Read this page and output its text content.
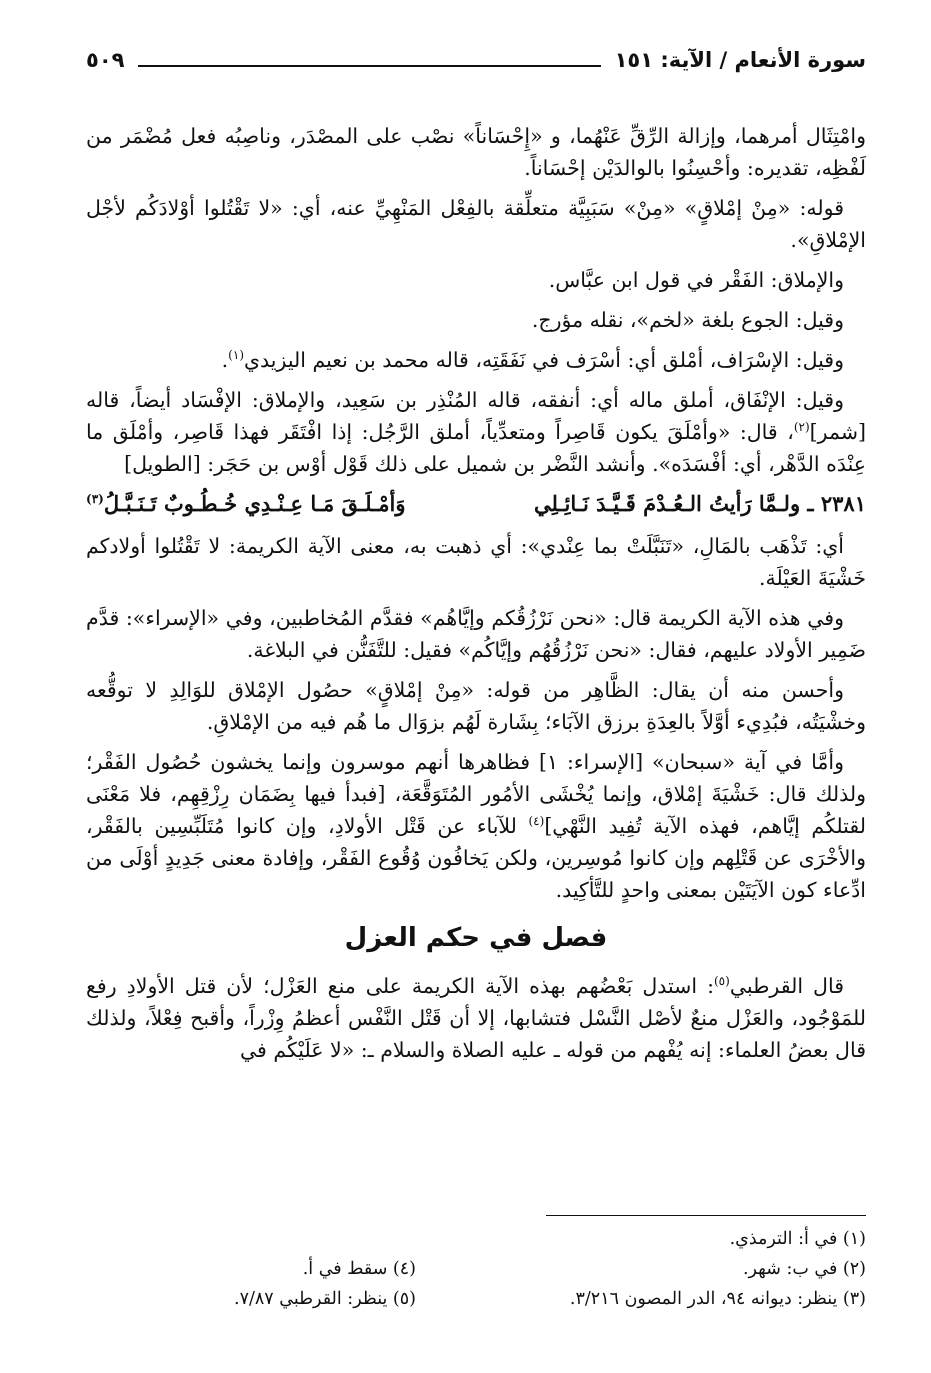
سورة الأنعام / الآية: ١٥١
٥٠٩

وامْتِثَال أمرهما، وإزالة الرِّقِّ عَنْهُما، و «إِحْسَاناً» نصْب على المصْدَر، وناصِبُه فعل مُضْمَر من لَفْظِه، تقديره: وأحْسِنُوا بالوالدَيْن إحْسَاناً.

قوله: «مِنْ إمْلاقٍ» «مِنْ» سَبَبِيَّة متعلِّقة بالفِعْل المَنْهِيِّ عنه، أي: «لا تَقْتُلوا أوْلادَكُم لأجْل الإمْلاقِ».

والإملاق: الفَقْر في قول ابن عبَّاس.

وقيل: الجوع بلغة «لخم»، نقله مؤرج.

وقيل: الإسْرَاف، أمْلق أي: أسْرَف في نَفَقَتِه، قاله محمد بن نعيم اليزيدي$^{(١)}$.

وقيل: الإنْفَاق، أملق ماله أي: أنفقه، قاله المُنْذِر بن سَعِيد، والإملاق: الإفْسَاد أيضاً، قاله [شمر]$^{(٢)}$، قال: «وأمْلَقَ يكون قَاصِراً ومتعدِّياً، أملق الرَّجُل: إذا افْتَقَر فهذا قَاصِر، وأمْلَق ما عِنْدَه الدَّهْر، أي: أفْسَدَه». وأنشد النَّضْر بن شميل على ذلك قَوْل أوْس بن حَجَر: [الطويل]

٢٣٨١ ـ ولـمَّا رَأيتُ الـعُـدْمَ قَـيَّـدَ نَـائِـلِي
وَأمْـلَـقَ مَـا عِـنْـدِي خُـطُـوبٌ تَـنَـبَّـلُ$^{(٣)}$

أي: تَذْهَب بالمَالِ، «تَنَبَّلَتْ بما عِنْدي»: أي ذهبت به، معنى الآية الكريمة: لا تَقْتُلوا أولادكم خَشْيَةَ العَيْلَة.

وفي هذه الآية الكريمة قال: «نحن نَرْزُقُكم وإيَّاهُم» فقدَّم المُخاطبين، وفي «الإسراء»: قدَّم ضَمِير الأولاد عليهم، فقال: «نحن نَرْزُقُهُم وإيَّاكُم» فقيل: للتَّفَنُّن في البلاغة.

وأحسن منه أن يقال: الظَّاهِر من قوله: «مِنْ إمْلاقٍ» حصُول الإمْلاق للوَالِدِ لا توقُّعه وخشْيَتُه، فبُدِيء أوَّلاً بالعِدَةِ برزق الآبَاء؛ بِشَارة لَهُم بزوَال ما هُم فيه من الإمْلاقِ.

وأمَّا في آية «سبحان» [الإسراء: ١] فظاهرها أنهم موسرون وإنما يخشون حُصُول الفَقْر؛ ولذلك قال: خَشْيَةَ إمْلاق، وإنما يُخْشَى الأمُور المُتَوَقَّعَة، [فبدأ فيها بِضَمَان رِزْقِهِم، فلا مَعْنَى لقتلكُم إيَّاهم، فهذه الآية تُفِيد النَّهْي]$^{(٤)}$ للآباء عن قَتْل الأولادِ، وإن كانوا مُتَلَبِّسِين بالفَقْر، والأخْرَى عن قَتْلِهم وإن كانوا مُوسِرين، ولكن يَخافُون وُقُوع الفَقْر، وإفادة معنى جَدِيدٍ أوْلَى من ادِّعاء كون الآيَتَيْن بمعنى واحدٍ للتَّأكِيد.

فصل في حكم العزل

قال القرطبي$^{(٥)}$: استدل بَعْضُهم بهذه الآية الكريمة على منع العَزْل؛ لأن قتل الأولادِ رفع للمَوْجُود، والعَزْل منعٌ لأصْل النَّسْل فتشابها، إلا أن قَتْل النَّفْس أعظمُ وِزْراً، وأقبح فِعْلاً، ولذلك قال بعضُ العلماء: إنه يُفْهم من قوله ـ عليه الصلاة والسلام ـ: «لا عَلَيْكُم في

(١) في أ: الترمذي.
(٢) في ب: شهر.
(٤) سقط في أ.
(٣) ينظر: ديوانه ٩٤، الدر المصون ٣/٢١٦.
(٥) ينظر: القرطبي ٧/٨٧.
